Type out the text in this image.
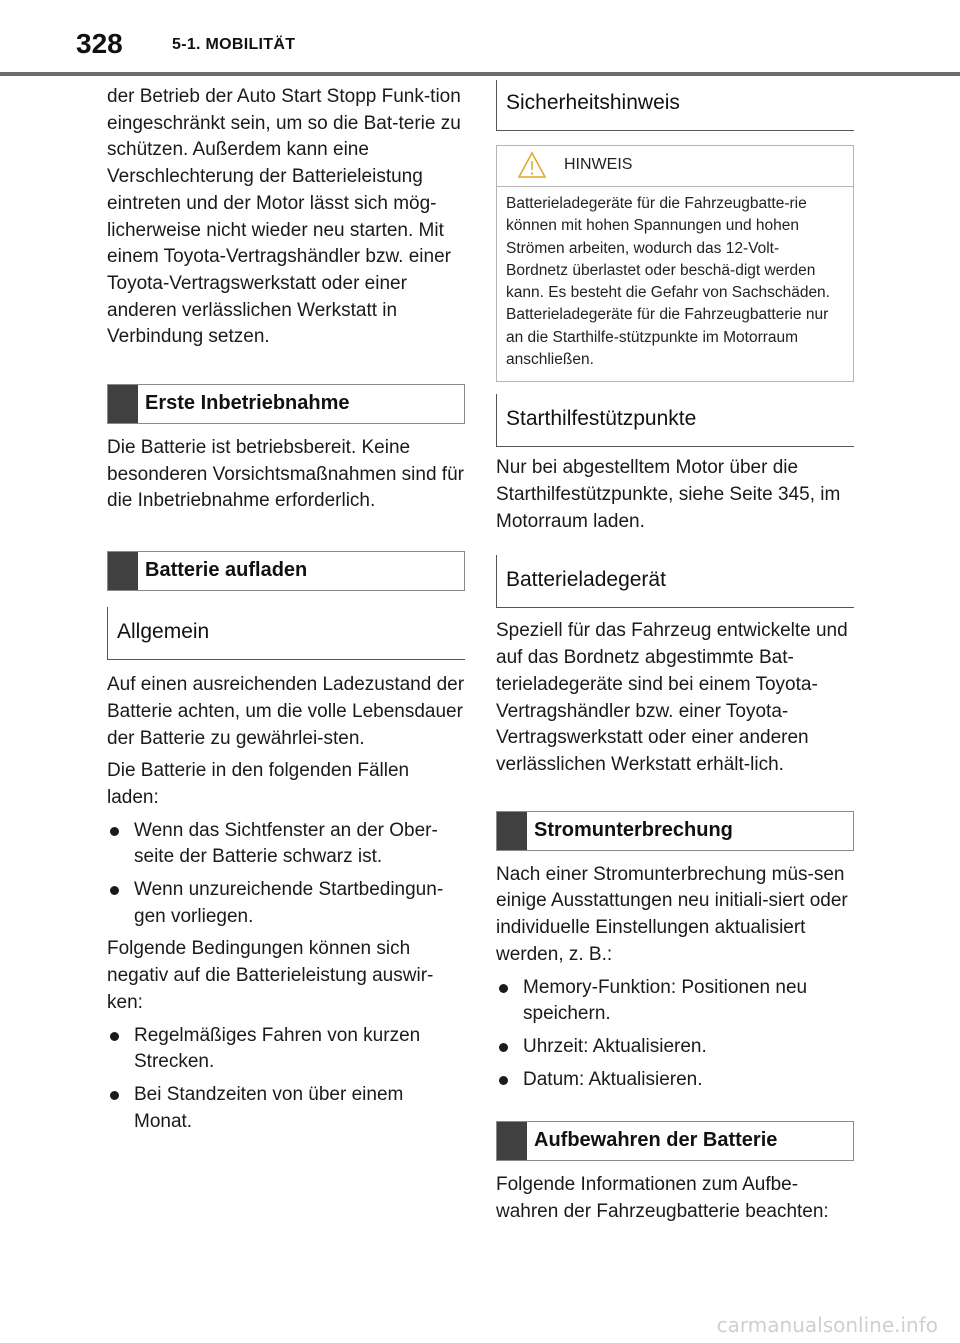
328	5-1. MOBILITÄT

der Betrieb der Auto Start Stopp Funk-tion eingeschränkt sein, um so die Bat-terie zu schützen. Außerdem kann eine Verschlechterung der Batterieleistung eintreten und der Motor lässt sich mög-licherweise nicht wieder neu starten. Mit einem Toyota-Vertragshändler bzw. einer Toyota-Vertragswerkstatt oder einer anderen verlässlichen Werkstatt in Verbindung setzen.

Erste Inbetriebnahme

Die Batterie ist betriebsbereit. Keine besonderen Vorsichtsmaßnahmen sind für die Inbetriebnahme erforderlich.

Batterie aufladen
Allgemein

Auf einen ausreichenden Ladezustand der Batterie achten, um die volle Lebensdauer der Batterie zu gewährlei-sten.

Die Batterie in den folgenden Fällen laden:

Wenn das Sichtfenster an der Ober-seite der Batterie schwarz ist.
Wenn unzureichende Startbedingun-gen vorliegen.

Folgende Bedingungen können sich negativ auf die Batterieleistung auswir-ken:

Regelmäßiges Fahren von kurzen Strecken.
Bei Standzeiten von über einem Monat.
Sicherheitshinweis
HINWEIS
Batterieladegeräte für die Fahrzeugbatte-rie können mit hohen Spannungen und hohen Strömen arbeiten, wodurch das 12-Volt-Bordnetz überlastet oder beschä-digt werden kann. Es besteht die Gefahr von Sachschäden. Batterieladegeräte für die Fahrzeugbatterie nur an die Starthilfe-stützpunkte im Motorraum anschließen.
Starthilfestützpunkte

Nur bei abgestelltem Motor über die Starthilfestützpunkte, siehe Seite 345, im Motorraum laden.

Batterieladegerät

Speziell für das Fahrzeug entwickelte und auf das Bordnetz abgestimmte Bat-terieladegeräte sind bei einem Toyota-Vertragshändler bzw. einer Toyota-Vertragswerkstatt oder einer anderen verlässlichen Werkstatt erhält-lich.

Stromunterbrechung

Nach einer Stromunterbrechung müs-sen einige Ausstattungen neu initiali-siert oder individuelle Einstellungen aktualisiert werden, z. B.:

Memory-Funktion: Positionen neu speichern.
Uhrzeit: Aktualisieren.
Datum: Aktualisieren.
Aufbewahren der Batterie

Folgende Informationen zum Aufbe-wahren der Fahrzeugbatterie beachten:

carmanualsonline.info
